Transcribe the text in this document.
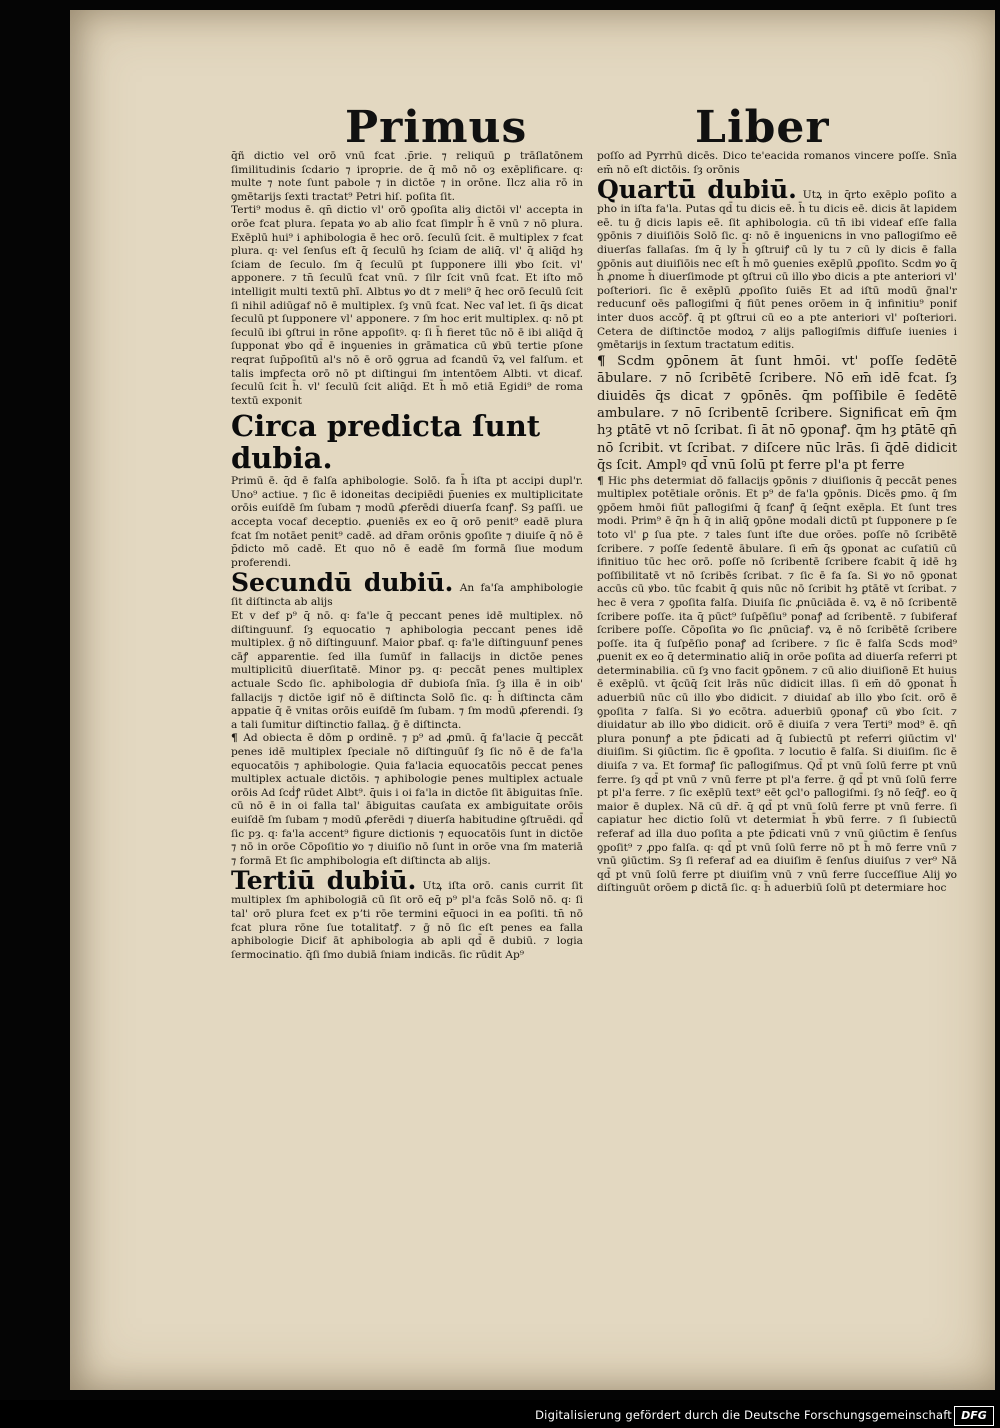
Primus	Liber

q̄ñ dictio vel orō vnū fcat .p̄rie. ⁊ reliquū ꝑ trāſlatōnem ſimilitudinis ſcdario ⁊ iproprie. de q̄ mō nō oȝ exēplificare. q꞉ multe ⁊ note ſunt pabole ⁊ in dictōe ⁊ in orōne. Ilcz alia rō in ꝯmētarijs ſexti tractat⁹ Petri hiſ. poſita ſit.

Terti⁹ modus ē. qn̄ dictio vl' orō ꝯpoſita aliȝ dictōi vl' accepta in orōe fcat plura. ſepata ꝟo ab alio fcat ſimplr h̄ ē vnū ⁊ nō plura. Exēplū hui⁹ i aphibologia ē hec orō. ſeculū ſcit. ē multiplex ⁊ fcat plura. q꞉ vel ſenſus eſt q̄ ſeculū hȝ ſciam de aliq̄. vl' q̄ aliq̄d hȝ ſciam de ſeculo. ſm q̄ ſeculū pt ſupponere illi ꝟbo ſcit. vl' apponere. ⁊ tn̄ ſeculū fcat vnū. ⁊ ſilr ſcit vnū fcat. Et iſto mō intelligit multi textū phī. Albtus ꝟo dt ⁊ meli⁹ q̄ hec orō ſeculū ſcit ſi nihil adiūgaf nō ē multiplex. ſȝ vnū fcat. Nec vaꝉ let. ſi q̄s dicat ſeculū pt ſupponere vl' apponere. ⁊ ſm hoc erit multiplex. q꞉ nō pt ſeculū ibi ꝯſtrui in rōne appoſitꝰ. q꞉ ſi h̄ fieret tūc nō ē ibi aliq̄d q̄ ſupponat ꝟbo qd̄ ē inꝯuenies in grāmatica cū ꝟbū tertie pſone reqrat ſup̄poſitū al's nō ē orō ꝯgrua ad fcandū v̄ꝝ vel falſum. et talis imꝑfecta orō nō pt diſtingui ſm intentōem Albti. vt dicaf. ſeculū ſcit h̄. vl' ſeculū ſcit aliq̄d. Et h̄ mō etiā Egidi⁹ de roma textū exponit

Circa predicta ſunt dubia.

Primū ē. q̄d ē falſa aphibologie. Solō. fa h̄ iſta pt accipi dupl'r. Uno⁹ actiue. ⁊ ſic ē idoneitas decipiēdi p̄uenies ex multiplicitate orōis euiſdē ſm ſubam ⁊ modū ꝓferēdi diuerſa fcanꝭ. Sȝ paſſi. ue accepta vocaf deceptio. ꝓueniēs ex eo q̄ orō penit⁹ eadē plura fcat ſm notāet penit⁹ cadē. ad dr̄am orōnis ꝯpoſite ⁊ diuiſe q̄ nō ē p̄dicto mō cadē. Et quo nō ē eadē ſm formā ſiue modum proferendi.

Secundū dubiū. An fa'ſa amphibologie ſit diſtincta ab alijs

Et v def p⁹ q̄ nō. q꞉ fa'le q̄ peccant penes idē multiplex. nō diſtinguunf. ſȝ equocatio ⁊ aphibologia peccant penes idē multiplex. ḡ nō diſtinguunf. Maior ꝑbaf. q꞉ fa'le diſtinguunf penes cāꝭ apparentie. ſed illa ſumūf in fallacijs in dictōe penes multiplicitū diuerſitatē. Minor pȝ. q꞉ peccāt penes multiplex actuale Scdo ſic. aphibologia dr̄ dubioſa ſnīa. ſȝ illa ē in oib' fallacijs ⁊ dictōe igif nō ē diſtincta Solō ſic. q꞉ h̄ diſtincta cām appatie q̄ ē vnitas orōis euiſdē ſm ſubam. ⁊ ſm modū ꝓferendi. ſȝ a tali ſumitur diſtinctio fallaꝝ. ḡ ē diſtincta.

¶ Ad obiecta ē dōm ꝑ ordinē. ⁊ p⁹ ad ꝓmū. q̄ fa'lacie q̄ peccāt penes idē multiplex ſpeciale nō diſtinguūf ſȝ ſic nō ē de fa'la equocatōis ⁊ aphibologie. Quia fa'lacia equocatōis peccat penes multiplex actuale dictōis. ⁊ aphibologie penes multiplex actuale orōis Ad ſcḋꝭ rūdet Albt⁹. q̄uis i oi fa'la in dictōe ſit ābiguitas ſnīe. cū nō ē in oi falla tal' ābiguitas cauſata ex ambiguitate orōis euiſdē ſm ſubam ⁊ modū ꝓferēdi ⁊ diuerſa habitudine ꝯſtruēdi. qd̄ ſic pȝ. q꞉ fa'la accent⁹ figure dictionis ⁊ equocatōis ſunt in dictōe ⁊ nō in orōe Cōpoſitio ꝟo ⁊ diuiſio nō ſunt in orōe vna ſm materiā ⁊ formā Et ſic amphibologia eſt diſtincta ab alijs.

Tertiū dubiū. Utꝝ iſta orō. canis currit ſit multiplex ſm aphibologiā cū ſit orō eq̄ p⁹ pl'a fcās Solō nō. q꞉ ſi tal' orō plura fcet ex pʼti rōe termini eq̄uoci in ea poſiti. tn̄ nō fcat plura rōne ſue totalitatꝭ. ⁊ ḡ nō ſic eſt penes ea falla aphibologie Dicif āt aphibologia ab apli qd̄ ē dubiū. ⁊ logia ſermocinatio. q̄ſi ſmo dubiā ſniam indicās. ſic rūdit Ap⁹

poſſo ad Pyrrhū dicēs. Dico te'eacida romanos vincere poſſe. Snīa em̄ nō eſt dictōis. ſȝ orōnis

Quartū dubiū. Utꝝ in q̄rto exēplo poſito a pho in iſta fa'la. Putas qd̄ tu dicis eē. h̄ tu dicis eē. dicis āt lapidem eē. tu ḡ dicis lapis eē. ſit aphibologia. cū tn̄ ibi videaf eſſe falla ꝯpōnis ⁊ diuiſiōis Solō ſic. q꞉ nō ē inꝯuenicns in vno paꝉlogiſmo eē diuerſas fallaſas. ſm q̄ ly h̄ ꝯſtruiꝭ cū ly tu ⁊ cū ly dicis ē falla ꝯpōnis aut diuiſiōis nec eſt h̄ mō ꝯuenies exēplū ꝓpoſito. Scdm ꝟo q̄ h̄ ꝓnome h̄ diuerſimode pt ꝯſtrui cū illo ꝟbo dicis a pte anteriori vl' poſteriori. ſic ē exēplū ꝓpoſito ſuiēs Et ad iſtū modū ḡnal'r reducunf oēs paꝉlogiſmi q̄ fiūt penes orōem in q̄ infinitiu⁹ ponif inter duos accōꝭ. q̄ pt ꝯſtrui cū eo a pte anteriori vl' poſteriori. Cetera de diſtinctōe modoꝝ ⁊ alijs paꝉlogiſmis diffuſe iuenies i ꝯmētarijs in ſextum tractatum editis.

¶ Scdm ꝯpōnem āt ſunt hmōi. vt' poſſe ſedētē ābulare. ⁊ nō ſcribētē ſcribere. Nō em̄ idē fcat. ſȝ diuidēs q̄s dicat ⁊ ꝯpōnēs. q̄m poſſibile ē ſedētē ambulare. ⁊ nō ſcribentē ſcribere. Significat em̄ q̄m hȝ ꝑtātē vt nō ſcribat. ſi āt nō ꝯponaꝭ. q̄m hȝ ꝑtātē qn̄ nō ſcribit. vt ſcribat. ⁊ diſcere nūc lrās. ſi q̄dē didicit q̄s ſcit. Amplꝰ qd̄ vnū ſolū pt ferre pl'a pt ferre

¶ Hic phs determiat dō fallacijs ꝯpōnis ⁊ diuiſionis q̄ peccāt penes multiplex potētiale orōnis. Et p⁹ de fa'la ꝯpōnis. Dicēs ꝑmo. q̄ ſm ꝯpōem hmōi fiūt paꝉlogiſmi q̄ fcanꝭ q̄ ſeq̄nt exēpla. Et ſunt tres modi. Prim⁹ ē q̄n h̄ q̄ in aliq̄ ꝯpōne modali dictū pt ſupponere p ſe toto vl' ꝑ ſua pte. ⁊ tales ſunt iſte due orōes. poſſe nō ſcribētē ſcribere. ⁊ poſſe ſedentē ābulare. ſi em̄ q̄s ꝯponat ac cuſatiū cū ifinitiuo tūc hec orō. poſſe nō ſcribentē ſcribere fcabit q̄ idē hȝ poſſibilitatē vt nō ſcribēs ſcribat. ⁊ ſic ē fa ſa. Si ꝟo nō ꝯponat accūs cū ꝟbo. tūc fcabit q̄ quis nūc nō ſcribit hȝ ꝑtātē vt ſcribat. ⁊ hec ē vera ⁊ ꝯpoſita falſa. Diuiſa ſic ꝓnūciāda ē. vꝝ ē nō ſcribentē ſcribere poſſe. ita q̄ pūct⁹ ſuſpēſiu⁹ ponaꝭ ad ſcribentē. ⁊ ſubiferaf ſcribere poſſe. Cōpoſita ꝟo ſic ꝓnūciaꝭ. vꝝ ē nō ſcribētē ſcribere poſſe. ita q̄ ſuſpēſio ponaꝭ ad ſcribere. ⁊ ſic ē falſa Scds mod⁹ ꝓuenit ex eo q̄ determinatio aliq̄ in orōe poſita ad diuerſa referri pt determinabilia. cū ſȝ vno facit ꝯpōnem. ⁊ cū alio diuiſionē Et huius ē exēplū. vt q̄cūq̄ ſcit lrās nūc didicit illas. ſi em̄ dō ꝯponat h̄ aduerbiū nūc cū illo ꝟbo didicit. ⁊ diuidaſ ab illo ꝟbo ſcit. orō ē ꝯpoſita ⁊ falſa. Si ꝟo ecōtra. aduerbiū ꝯponaꝭ cū ꝟbo ſcit. ⁊ diuidatur ab illo ꝟbo didicit. orō ē diuiſa ⁊ vera Terti⁹ mod⁹ ē. qn̄ plura ponunꝭ a pte p̄dicati ad q̄ ſubiectū pt referri ꝯiūctim vl' diuiſim. Si ꝯiūctim. ſic ē ꝯpoſita. ⁊ locutio ē falſa. Si diuiſim. ſic ē diuiſa ⁊ va. Et formaꝭ ſic paꝉlogiſmus. Qd̄ pt vnū ſolū ferre pt vnū ferre. ſȝ qd̄ pt vnū ⁊ vnū ferre pt pl'a ferre. ḡ qd̄ pt vnū ſolū ferre pt pl'a ferre. ⁊ ſic exēplū text⁹ eēt ꝯcl'o paꝉlogiſmi. ſȝ nō ſeq̄ꝭ. eo q̄ maior ē duplex. Nā cū dr̄. q̄ qd̄ pt vnū ſolū ferre pt vnū ferre. ſi capiatur hec dictio ſolū vt determiat h̄ ꝟbū ferre. ⁊ ſi ſubiectū referaf ad illa duo poſita a pte p̄dicati vnū ⁊ vnū ꝯiūctim ē ſenſus ꝯpoſit⁹ ⁊ ꝓpo falſa. q꞉ qd̄ pt vnū ſolū ferre nō pt h̄ mō ferre vnū ⁊ vnū ꝯiūctim. Sȝ ſi referaf ad ea diuiſim ē ſenſus diuiſus ⁊ ver⁹ Nā qd̄ pt vnū ſolū ferre pt diuiſim vnū ⁊ vnū ferre ſucceſſiue Alij ꝟo diſtinguūt orōem ꝑ dictā ſic. q꞉ h̄ aduerbiū ſolū pt determiare hoc

Digitalisierung gefördert durch die Deutsche Forschungsgemeinschaft DFG
